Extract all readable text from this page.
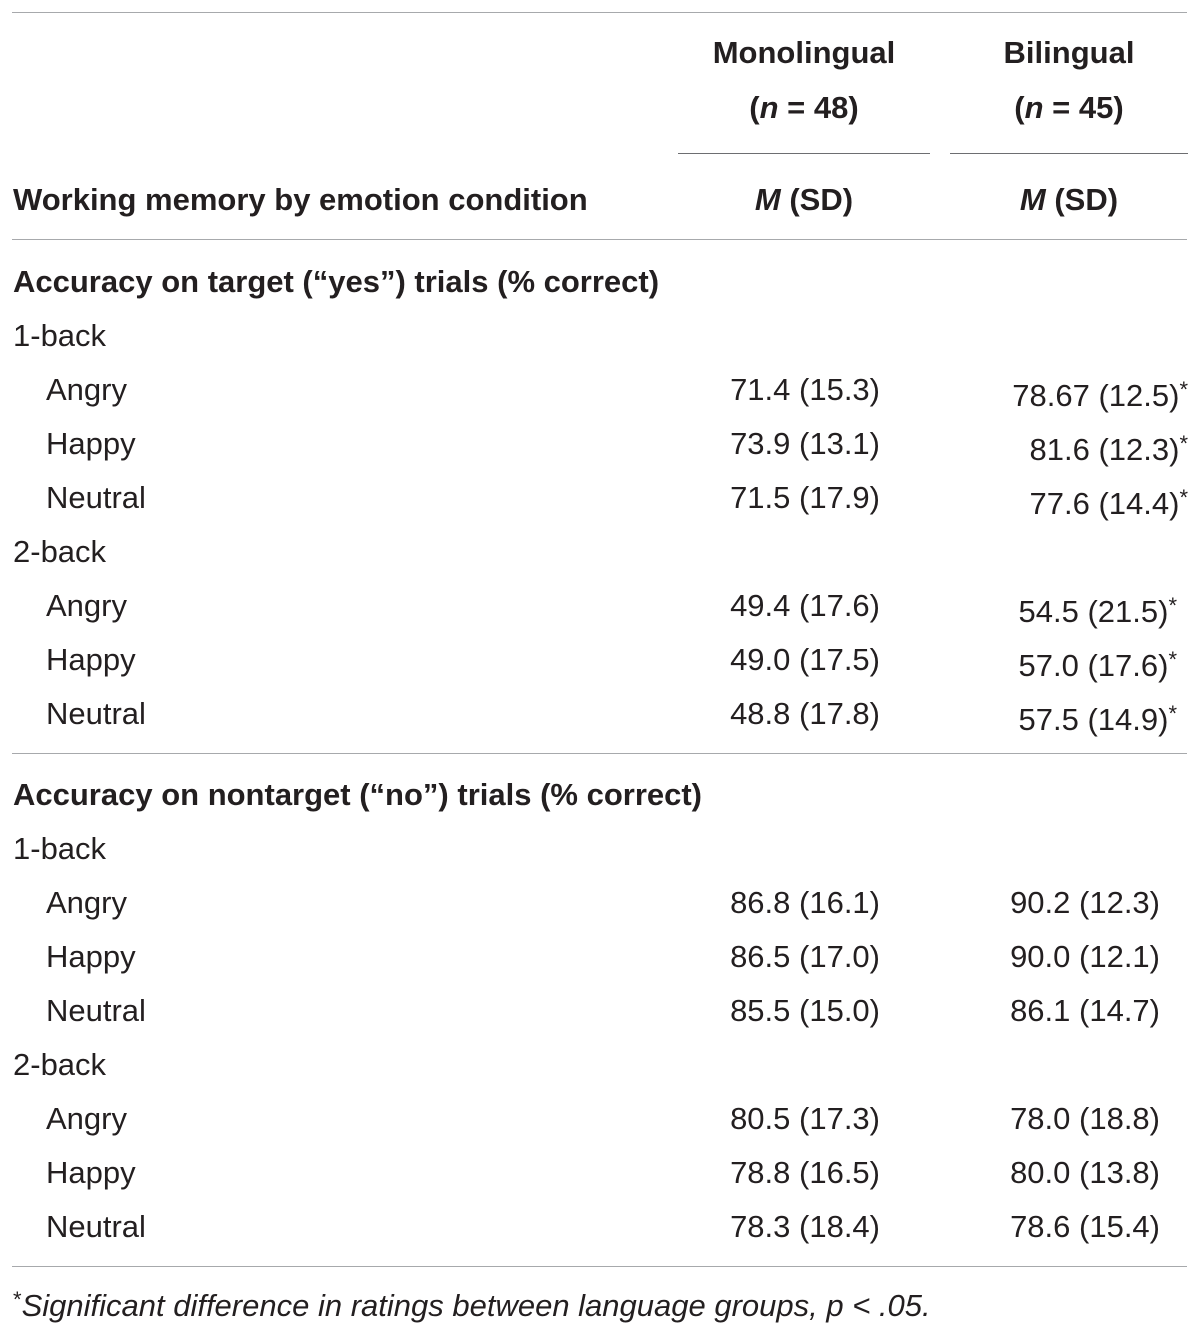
Monolingual
(n = 48)
Bilingual
(n = 45)
Working memory by emotion condition	M (SD)	M (SD)
Accuracy on target (“yes”) trials (% correct)
1-back
Angry	71.4 (15.3)	78.67 (12.5)*
Happy	73.9 (13.1)	81.6 (12.3)*
Neutral	71.5 (17.9)	77.6 (14.4)*
2-back
Angry	49.4 (17.6)	54.5 (21.5)*
Happy	49.0 (17.5)	57.0 (17.6)*
Neutral	48.8 (17.8)	57.5 (14.9)*
Accuracy on nontarget (“no”) trials (% correct)
1-back
Angry	86.8 (16.1)	90.2 (12.3)
Happy	86.5 (17.0)	90.0 (12.1)
Neutral	85.5 (15.0)	86.1 (14.7)
2-back
Angry	80.5 (17.3)	78.0 (18.8)
Happy	78.8 (16.5)	80.0 (13.8)
Neutral	78.3 (18.4)	78.6 (15.4)
*Significant difference in ratings between language groups, p < .05.
